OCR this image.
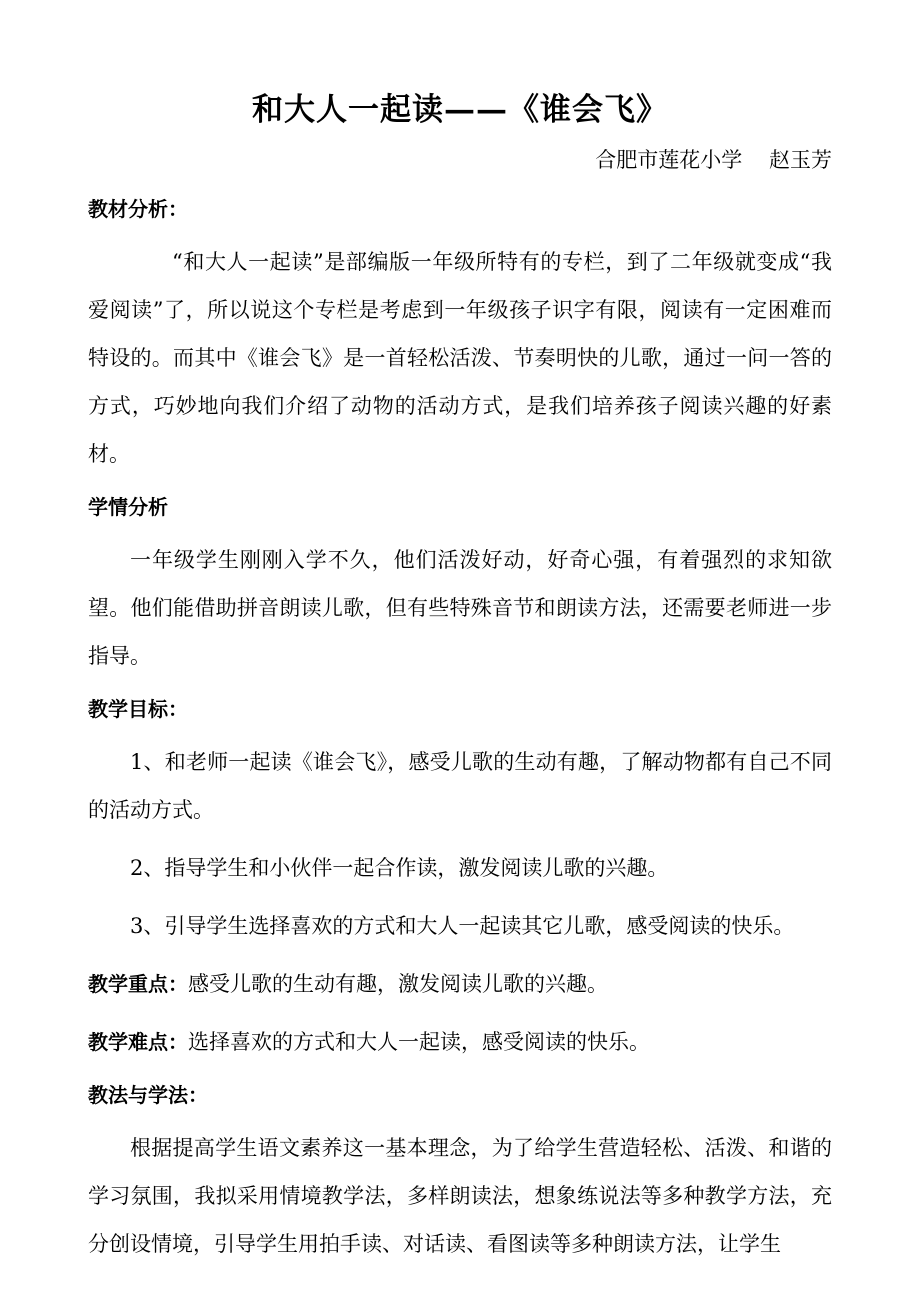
和大人一起读——《谁会飞》
合肥市莲花小学    赵玉芳
教材分析：

“和大人一起读”是部编版一年级所特有的专栏，到了二年级就变成“我爱阅读”了，所以说这个专栏是考虑到一年级孩子识字有限，阅读有一定困难而特设的。而其中《谁会飞》是一首轻松活泼、节奏明快的儿歌，通过一问一答的方式，巧妙地向我们介绍了动物的活动方式，是我们培养孩子阅读兴趣的好素材。

学情分析

一年级学生刚刚入学不久，他们活泼好动，好奇心强，有着强烈的求知欲望。他们能借助拼音朗读儿歌，但有些特殊音节和朗读方法，还需要老师进一步指导。

教学目标：

1、和老师一起读《谁会飞》，感受儿歌的生动有趣，了解动物都有自己不同的活动方式。

2、指导学生和小伙伴一起合作读，激发阅读儿歌的兴趣。

3、引导学生选择喜欢的方式和大人一起读其它儿歌，感受阅读的快乐。

教学重点：感受儿歌的生动有趣，激发阅读儿歌的兴趣。

教学难点：选择喜欢的方式和大人一起读，感受阅读的快乐。

教法与学法：

根据提高学生语文素养这一基本理念，为了给学生营造轻松、活泼、和谐的学习氛围，我拟采用情境教学法，多样朗读法，想象练说法等多种教学方法，充分创设情境，引导学生用拍手读、对话读、看图读等多种朗读方法，让学生
